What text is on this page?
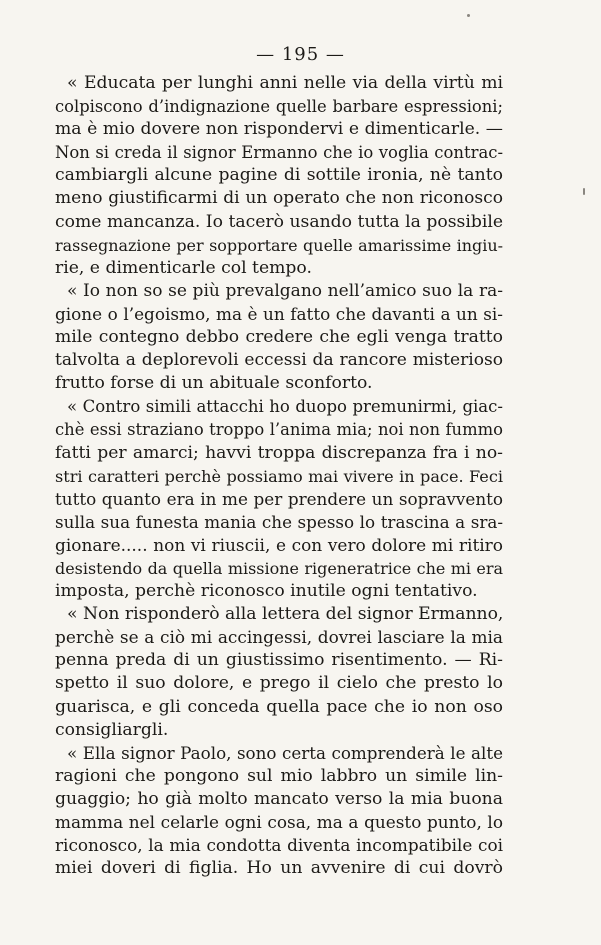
— 195 —
« Educata per lunghi anni nelle via della virtù mi
colpiscono d’indignazione quelle barbare espressioni;
ma è mio dovere non rispondervi e dimenticarle. —
Non si creda il signor Ermanno che io voglia contrac-
cambiargli alcune pagine di sottile ironia, nè tanto
meno giustificarmi di un operato che non riconosco
come mancanza. Io tacerò usando tutta la possibile
rassegnazione per sopportare quelle amarissime ingiu-
rie, e dimenticarle col tempo.
« Io non so se più prevalgano nell’amico suo la ra-
gione o l’egoismo, ma è un fatto che davanti a un si-
mile contegno debbo credere che egli venga tratto
talvolta a deplorevoli eccessi da rancore misterioso
frutto forse di un abituale sconforto.
« Contro simili attacchi ho duopo premunirmi, giac-
chè essi straziano troppo l’anima mia; noi non fummo
fatti per amarci; havvi troppa discrepanza fra i no-
stri caratteri perchè possiamo mai vivere in pace. Feci
tutto quanto era in me per prendere un sopravvento
sulla sua funesta mania che spesso lo trascina a sra-
gionare..... non vi riuscii, e con vero dolore mi ritiro
desistendo da quella missione rigeneratrice che mi era
imposta, perchè riconosco inutile ogni tentativo.
« Non risponderò alla lettera del signor Ermanno,
perchè se a ciò mi accingessi, dovrei lasciare la mia
penna preda di un giustissimo risentimento. — Ri-
spetto il suo dolore, e prego il cielo che presto lo
guarisca, e gli conceda quella pace che io non oso
consigliargli.
« Ella signor Paolo, sono certa comprenderà le alte
ragioni che pongono sul mio labbro un simile lin-
guaggio; ho già molto mancato verso la mia buona
mamma nel celarle ogni cosa, ma a questo punto, lo
riconosco, la mia condotta diventa incompatibile coi
miei doveri di figlia. Ho un avvenire di cui dovrò
